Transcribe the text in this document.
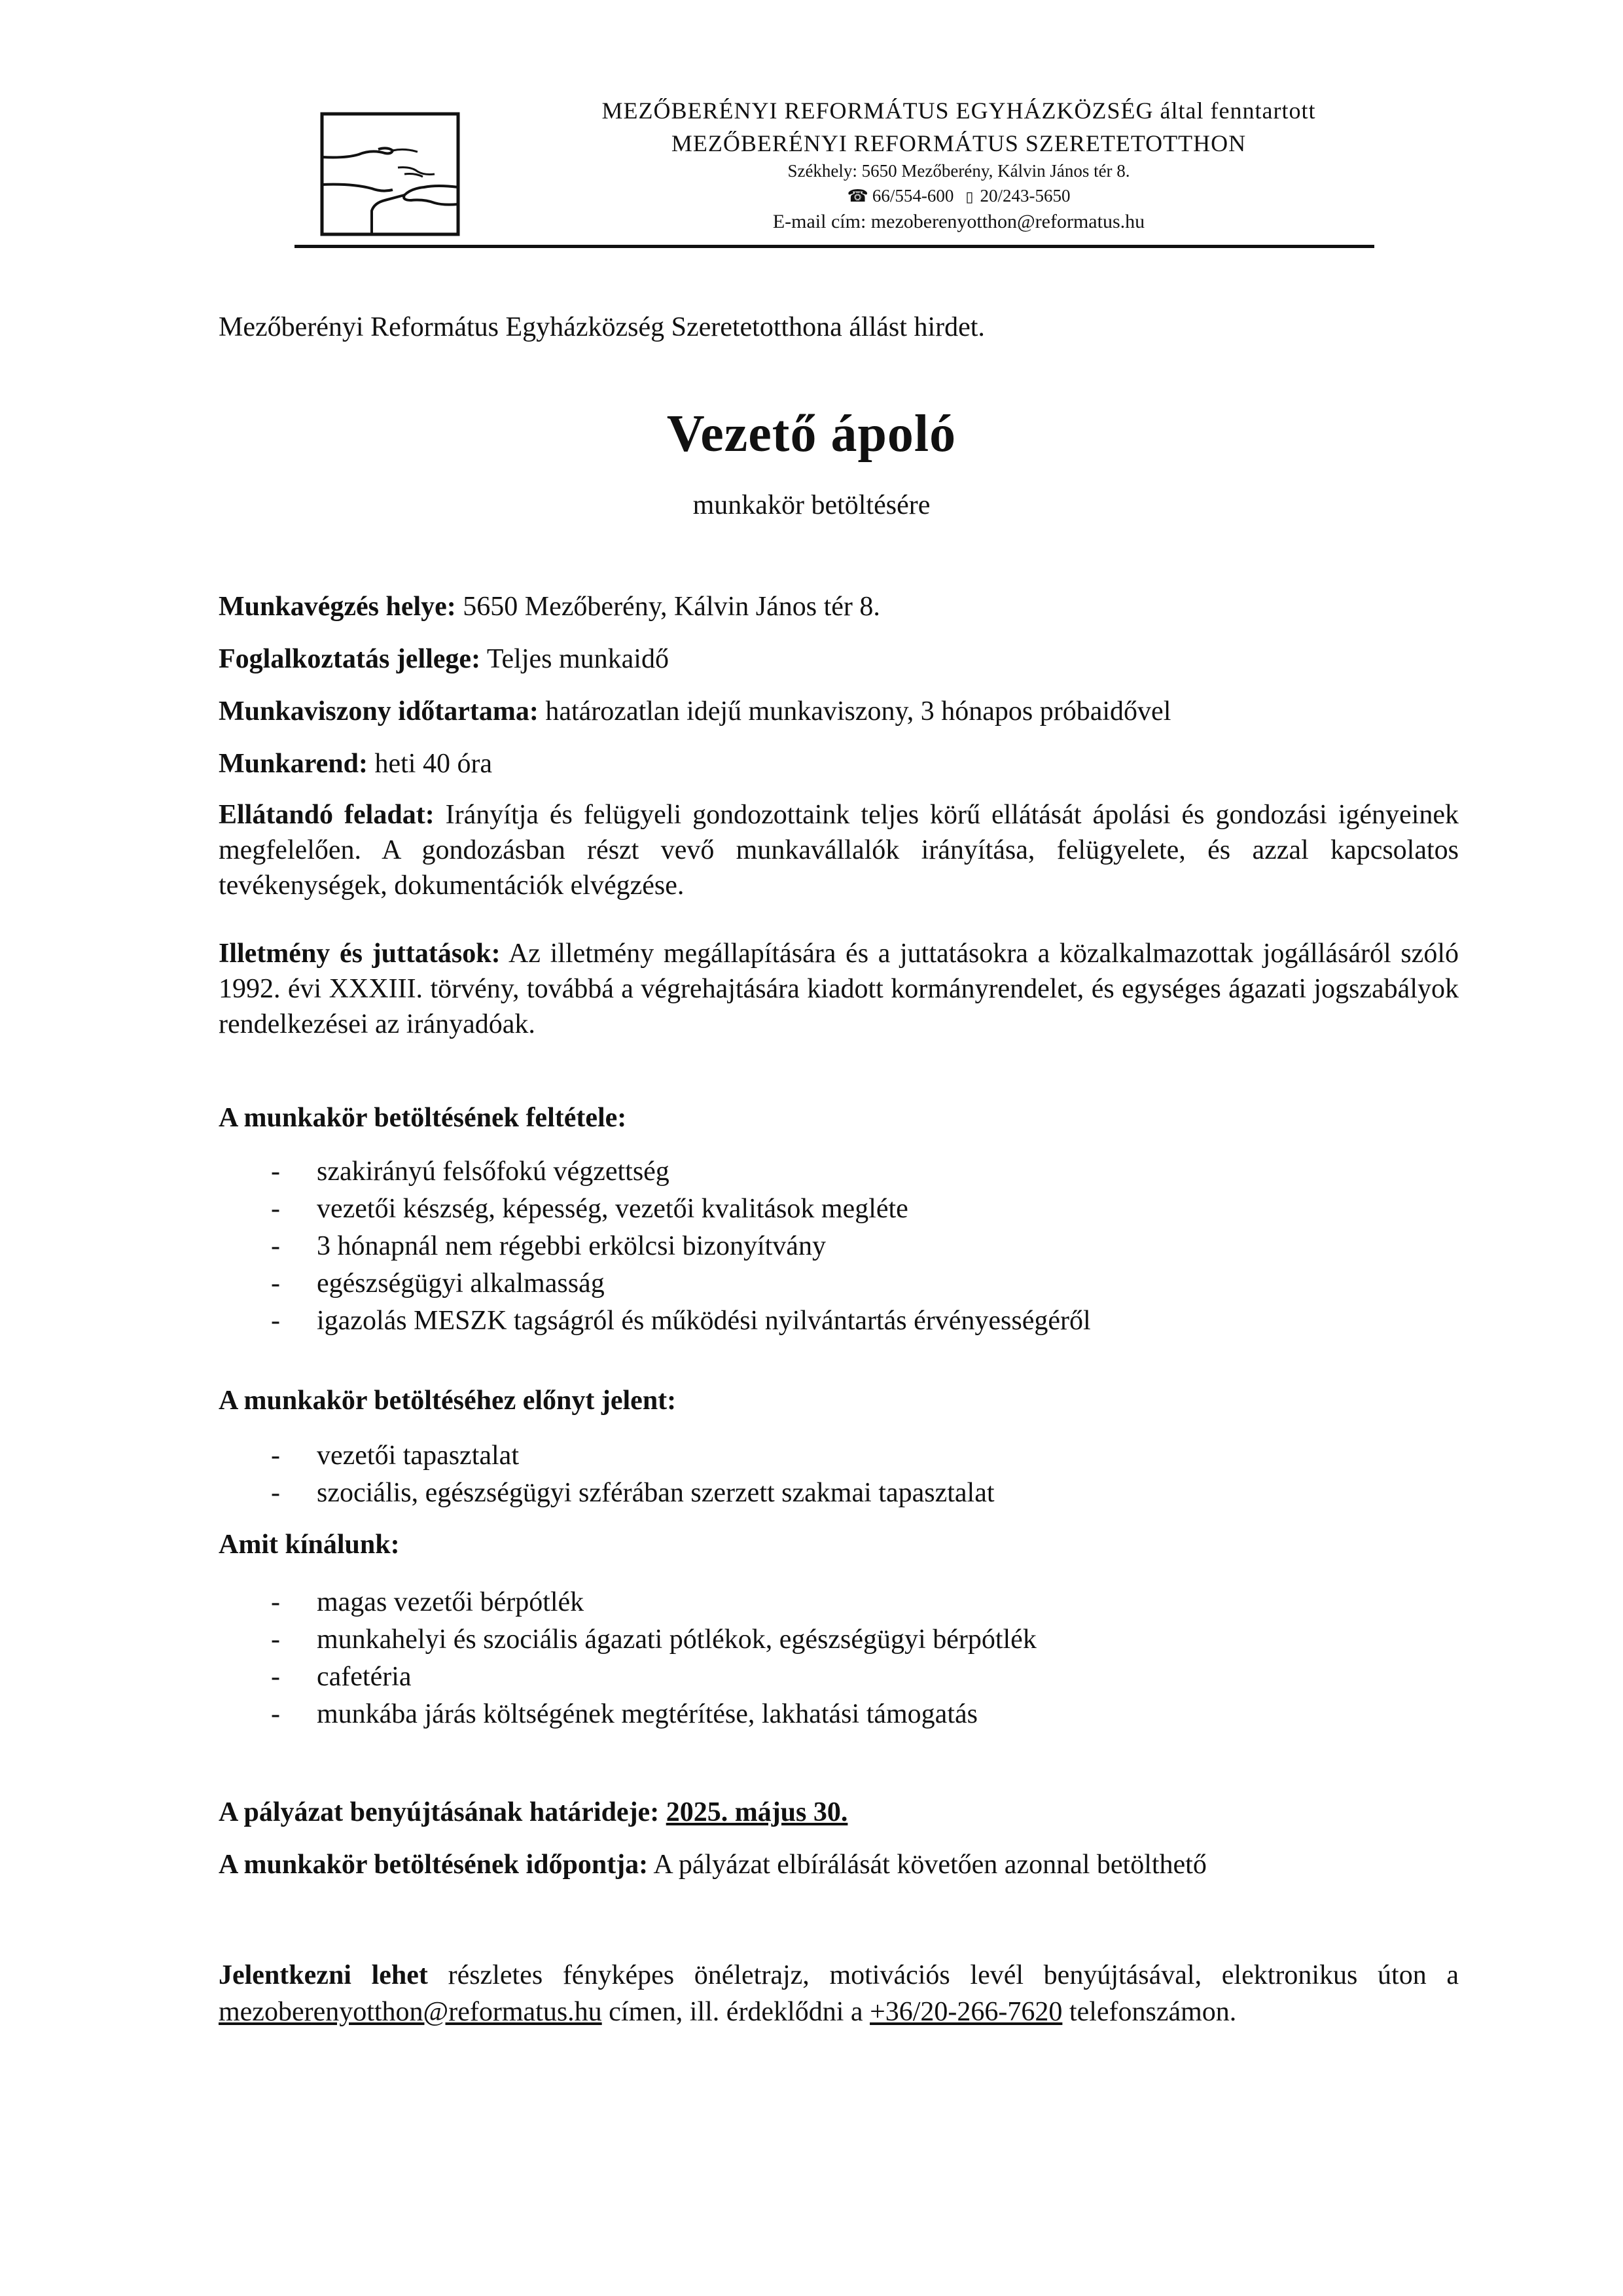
MEZŐBERÉNYI REFORMÁTUS EGYHÁZKÖZSÉG által fenntartott
MEZŐBERÉNYI REFORMÁTUS SZERETETOTTHON
Székhely: 5650 Mezőberény, Kálvin János tér 8.
☎ 66/554-600 ▯ 20/243-5650
E-mail cím: mezoberenyotthon@reformatus.hu
Mezőberényi Református Egyházközség Szeretetotthona állást hirdet.
Vezető ápoló
munkakör betöltésére
Munkavégzés helye: 5650 Mezőberény, Kálvin János tér 8.
Foglalkoztatás jellege: Teljes munkaidő
Munkaviszony időtartama: határozatlan idejű munkaviszony, 3 hónapos próbaidővel
Munkarend: heti 40 óra
Ellátandó feladat: Irányítja és felügyeli gondozottaink teljes körű ellátását ápolási és gondozási igényeinek megfelelően. A gondozásban részt vevő munkavállalók irányítása, felügyelete, és azzal kapcsolatos tevékenységek, dokumentációk elvégzése.
Illetmény és juttatások: Az illetmény megállapítására és a juttatásokra a közalkalmazottak jogállásáról szóló 1992. évi XXXIII. törvény, továbbá a végrehajtására kiadott kormányrendelet, és egységes ágazati jogszabályok rendelkezései az irányadóak.
A munkakör betöltésének feltétele:
- szakirányú felsőfokú végzettség
- vezetői készség, képesség, vezetői kvalitások megléte
- 3 hónapnál nem régebbi erkölcsi bizonyítvány
- egészségügyi alkalmasság
- igazolás MESZK tagságról és működési nyilvántartás érvényességéről
A munkakör betöltéséhez előnyt jelent:
- vezetői tapasztalat
- szociális, egészségügyi szférában szerzett szakmai tapasztalat
Amit kínálunk:
- magas vezetői bérpótlék
- munkahelyi és szociális ágazati pótlékok, egészségügyi bérpótlék
- cafetéria
- munkába járás költségének megtérítése, lakhatási támogatás
A pályázat benyújtásának határideje: 2025. május 30.
A munkakör betöltésének időpontja: A pályázat elbírálását követően azonnal betölthető
Jelentkezni lehet részletes fényképes önéletrajz, motivációs levél benyújtásával, elektronikus úton a mezoberenyotthon@reformatus.hu címen, ill. érdeklődni a +36/20-266-7620 telefonszámon.
